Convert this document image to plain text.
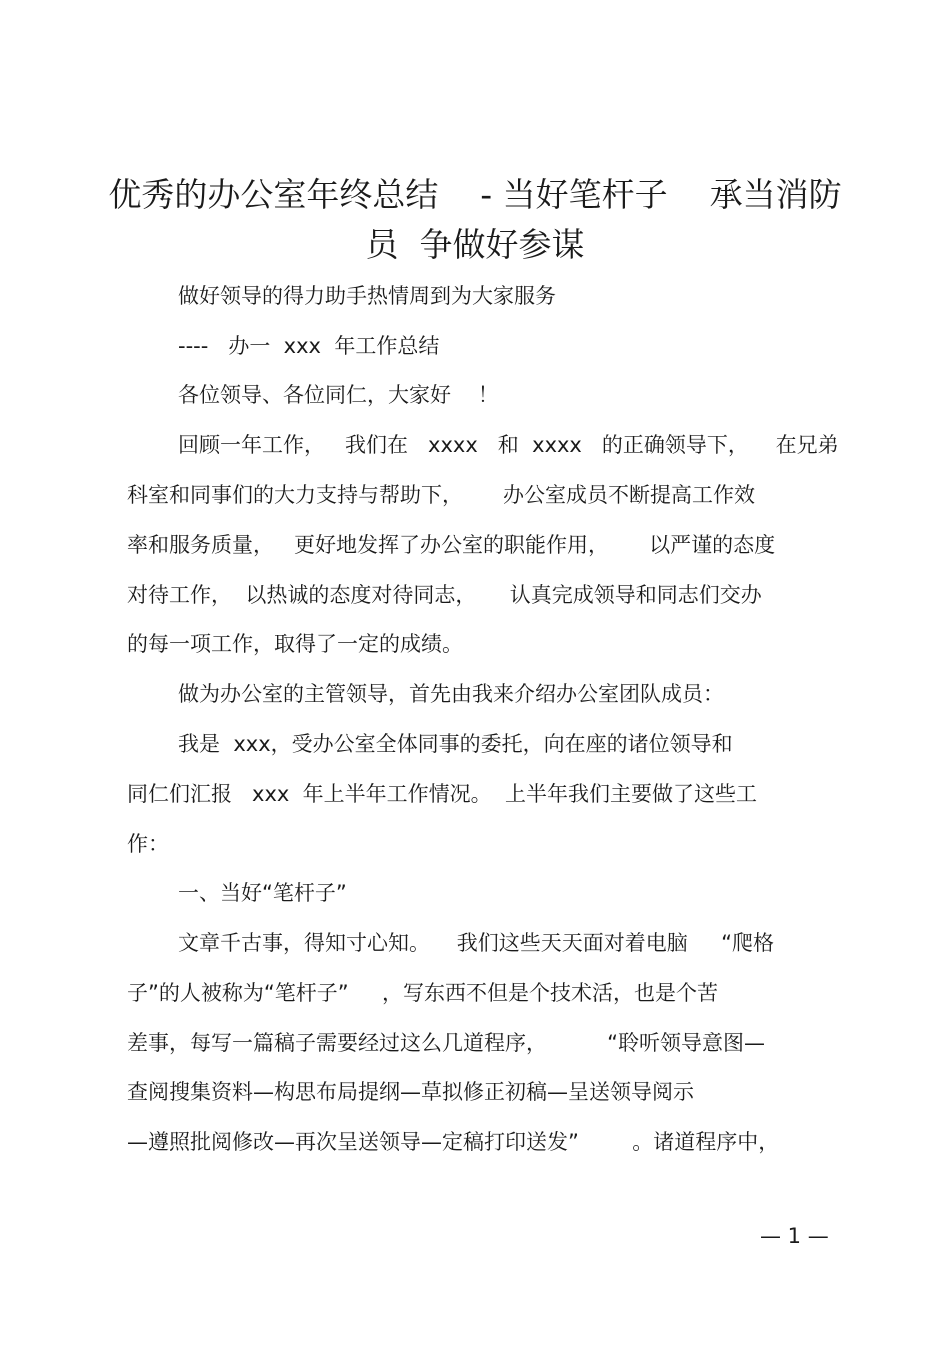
优秀的办公室年终总结    - 当好笔杆子    承当消防
员  争做好参谋

做好领导的得力助手热情周到为大家服务

----   办一  xxx  年工作总结

各位领导、各位同仁，大家好    ！

回顾一年工作，   我们在   xxxx   和  xxxx   的正确领导下，    在兄弟

科室和同事们的大力支持与帮助下，      办公室成员不断提高工作效

率和服务质量，   更好地发挥了办公室的职能作用，      以严谨的态度

对待工作，  以热诚的态度对待同志，     认真完成领导和同志们交办

的每一项工作，取得了一定的成绩。

做为办公室的主管领导，首先由我来介绍办公室团队成员：

我是  xxx，受办公室全体同事的委托，向在座的诸位领导和

同仁们汇报   xxx  年上半年工作情况。  上半年我们主要做了这些工

作：

一、当好“笔杆子”

文章千古事，得知寸心知。    我们这些天天面对着电脑     “爬格

子”的人被称为“笔杆子”     ，写东西不但是个技术活，也是个苦

差事，每写一篇稿子需要经过这么几道程序，         “聆听领导意图—

查阅搜集资料—构思布局提纲—草拟修正初稿—呈送领导阅示

—遵照批阅修改—再次呈送领导—定稿打印送发”        。诸道程序中，

— 1 —
